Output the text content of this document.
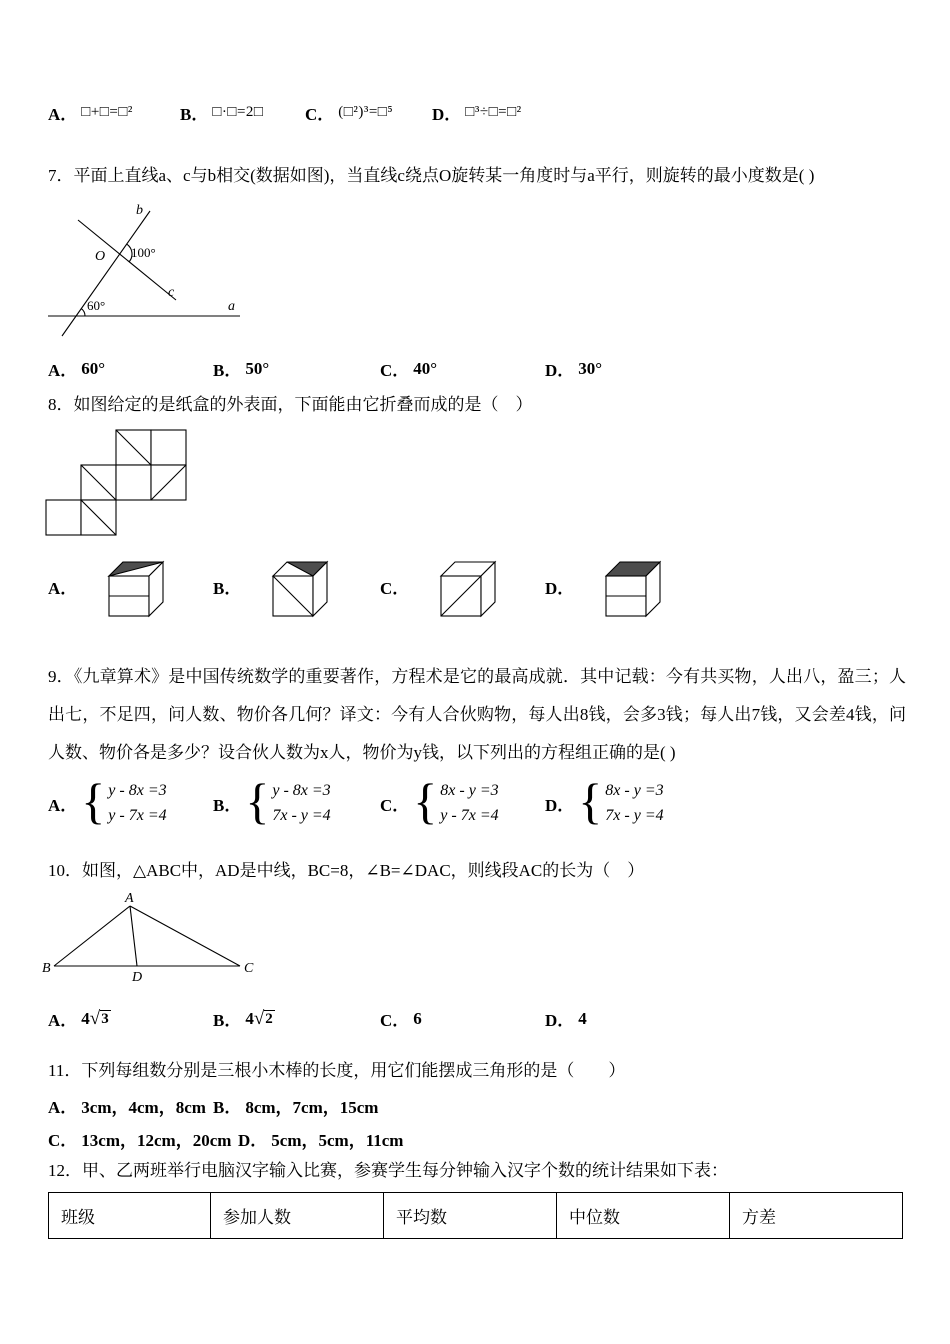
A． □+□=□²	B． □·□=2□ C． (□²)³=□⁵ D． □³÷□=□²
7．平面上直线a、c与b相交(数据如图)，当直线c绕点O旋转某一角度时与a平行，则旋转的最小度数是( )
b
O 100°
c
60°	a
A． 60°	B． 50°	C． 40°	D． 30°
8．如图给定的是纸盒的外表面，下面能由它折叠而成的是（　）
A．	B．	C．	D．
9．《九章算术》是中国传统数学的重要著作，方程术是它的最高成就．其中记载：今有共买物，人出八，盈三；人出七，不足四，问人数、物价各几何？译文：今有人合伙购物，每人出8钱，会多3钱；每人出7钱，又会差4钱，问人数、物价各是多少？设合伙人数为x人，物价为y钱，以下列出的方程组正确的是( )
A． { y - 8x =3
y - 7x =4
B． { y - 8x =3
7x - y =4
C． { 8x - y =3
y - 7x =4
D． { 8x - y =3
7x - y =4
10．如图，△ABC中，AD是中线，BC=8，∠B=∠DAC，则线段AC的长为（　）
A
B
D
C
A． 4 √ 3	B． 4 √ 2	C． 6	D． 4
11．下列每组数分别是三根小木棒的长度，用它们能摆成三角形的是（　　）
A． 3cm，4cm，8cm B． 8cm，7cm，15cm
C． 13cm，12cm，20cm D． 5cm，5cm，11cm
12．甲、乙两班举行电脑汉字输入比赛，参赛学生每分钟输入汉字个数的统计结果如下表：
班级	参加人数	平均数	中位数	方差
